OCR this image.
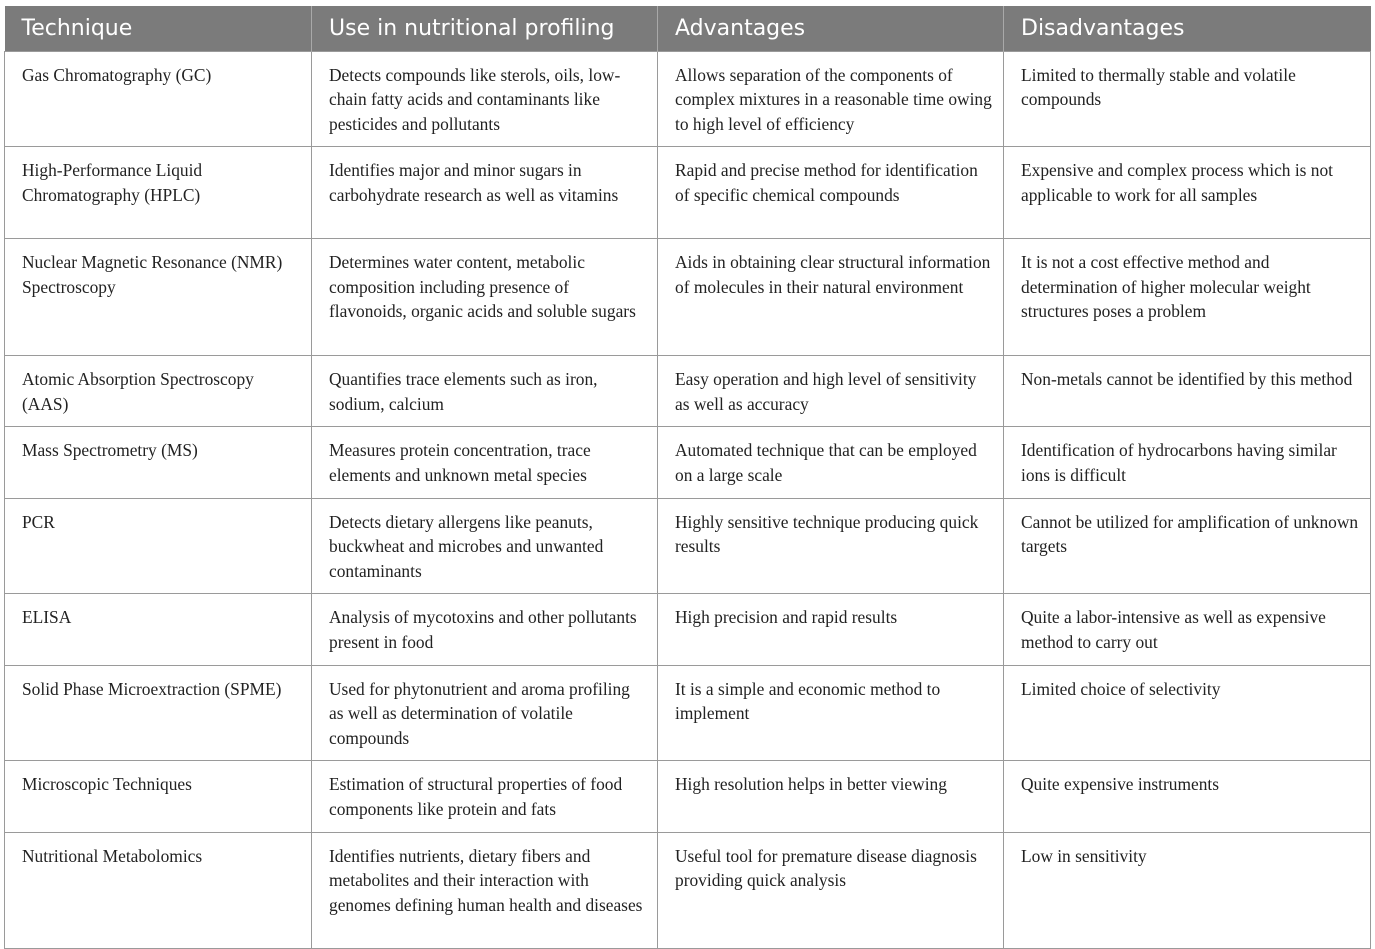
Technique	Use in nutritional profiling	Advantages	Disadvantages
Gas Chromatography (GC)	Detects compounds like sterols, oils, low-chain fatty acids and contaminants like pesticides and pollutants	Allows separation of the components of complex mixtures in a reasonable time owing to high level of efficiency	Limited to thermally stable and volatile compounds
High-Performance Liquid Chromatography (HPLC)	Identifies major and minor sugars in carbohydrate research as well as vitamins	Rapid and precise method for identification of specific chemical compounds	Expensive and complex process which is not applicable to work for all samples
Nuclear Magnetic Resonance (NMR) Spectroscopy	Determines water content, metabolic composition including presence of flavonoids, organic acids and soluble sugars	Aids in obtaining clear structural information of molecules in their natural environment	It is not a cost effective method and determination of higher molecular weight structures poses a problem
Atomic Absorption Spectroscopy (AAS)	Quantifies trace elements such as iron, sodium, calcium	Easy operation and high level of sensitivity as well as accuracy	Non-metals cannot be identified by this method
Mass Spectrometry (MS)	Measures protein concentration, trace elements and unknown metal species	Automated technique that can be employed on a large scale	Identification of hydrocarbons having similar ions is difficult
PCR	Detects dietary allergens like peanuts, buckwheat and microbes and unwanted contaminants	Highly sensitive technique producing quick results	Cannot be utilized for amplification of unknown targets
ELISA	Analysis of mycotoxins and other pollutants present in food	High precision and rapid results	Quite a labor-intensive as well as expensive method to carry out
Solid Phase Microextraction (SPME)	Used for phytonutrient and aroma profiling as well as determination of volatile compounds	It is a simple and economic method to implement	Limited choice of selectivity
Microscopic Techniques	Estimation of structural properties of food components like protein and fats	High resolution helps in better viewing	Quite expensive instruments
Nutritional Metabolomics	Identifies nutrients, dietary fibers and metabolites and their interaction with genomes defining human health and diseases	Useful tool for premature disease diagnosis providing quick analysis	Low in sensitivity
